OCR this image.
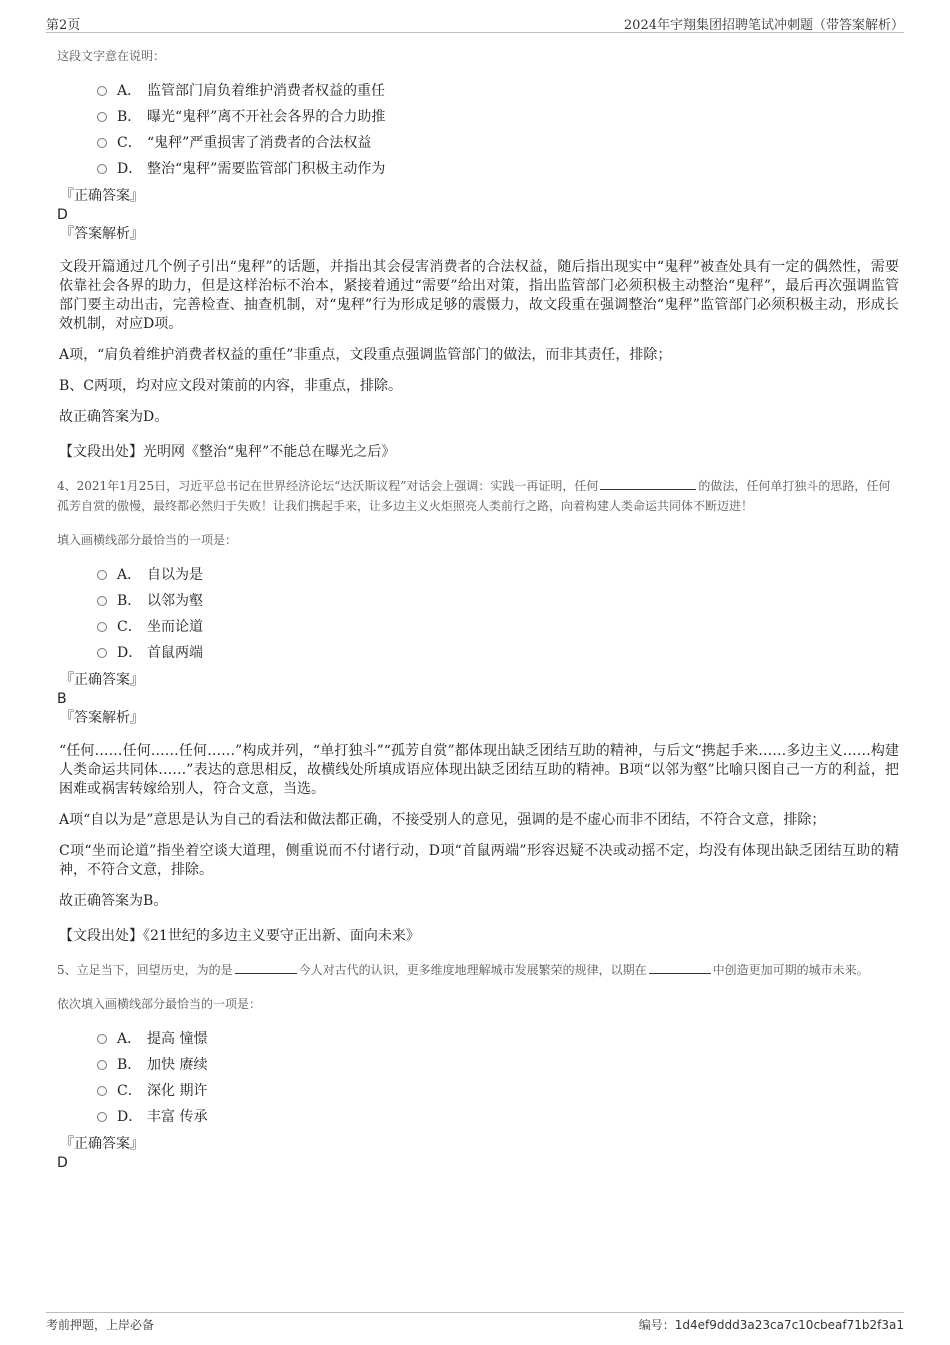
第2页	2024年宇翔集团招聘笔试冲刺题（带答案解析）
这段文字意在说明：
A． 监管部门肩负着维护消费者权益的重任
B． 曝光“鬼秤”离不开社会各界的合力助推
C． “鬼秤”严重损害了消费者的合法权益
D． 整治“鬼秤”需要监管部门积极主动作为
『正确答案』
D
『答案解析』
文段开篇通过几个例子引出“鬼秤”的话题，并指出其会侵害消费者的合法权益，随后指出现实中“鬼秤”被查处具有一定的偶然性，需要依靠社会各界的助力，但是这样治标不治本，紧接着通过“需要”给出对策，指出监管部门必须积极主动整治“鬼秤”，最后再次强调监管部门要主动出击，完善检查、抽查机制，对“鬼秤”行为形成足够的震慑力，故文段重在强调整治“鬼秤”监管部门必须积极主动，形成长效机制，对应D项。
A项，“肩负着维护消费者权益的重任”非重点，文段重点强调监管部门的做法，而非其责任，排除；
B、C两项，均对应文段对策前的内容，非重点，排除。
故正确答案为D。
【文段出处】光明网《整治“鬼秤”不能总在曝光之后》
4、2021年1月25日，习近平总书记在世界经济论坛“达沃斯议程”对话会上强调：实践一再证明，任何	的做法，任何单打独斗的思路，任何孤芳自赏的傲慢，最终都必然归于失败！让我们携起手来，让多边主义火炬照亮人类前行之路，向着构建人类命运共同体不断迈进！
填入画横线部分最恰当的一项是：
A． 自以为是
B． 以邻为壑
C． 坐而论道
D． 首鼠两端
『正确答案』
B
『答案解析』
“任何……任何……任何……”构成并列，“单打独斗”“孤芳自赏”都体现出缺乏团结互助的精神，与后文“携起手来……多边主义……构建人类命运共同体……”表达的意思相反，故横线处所填成语应体现出缺乏团结互助的精神。B项“以邻为壑”比喻只图自己一方的利益，把困难或祸害转嫁给别人，符合文意，当选。
A项“自以为是”意思是认为自己的看法和做法都正确，不接受别人的意见，强调的是不虚心而非不团结，不符合文意，排除；
C项“坐而论道”指坐着空谈大道理，侧重说而不付诸行动，D项“首鼠两端”形容迟疑不决或动摇不定，均没有体现出缺乏团结互助的精神，不符合文意，排除。
故正确答案为B。
【文段出处】《21世纪的多边主义要守正出新、面向未来》
5、立足当下，回望历史，为的是	今人对古代的认识，更多维度地理解城市发展繁荣的规律，以期在	中创造更加可期的城市未来。
依次填入画横线部分最恰当的一项是：
A． 提高 憧憬
B． 加快 赓续
C． 深化 期许
D． 丰富 传承
『正确答案』
D
考前押题，上岸必备	编号：1d4ef9ddd3a23ca7c10cbeaf71b2f3a1
